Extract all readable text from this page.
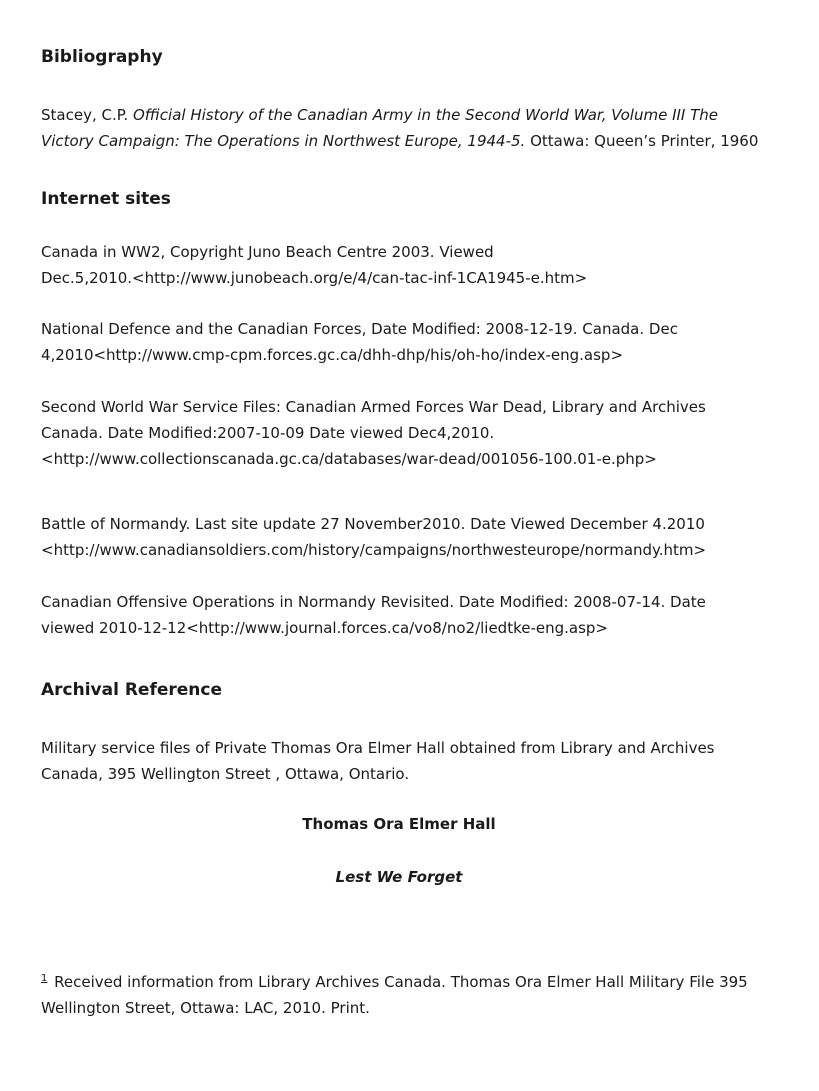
Bibliography

Stacey, C.P. Official History of the Canadian Army in the Second World War, Volume III The
Victory Campaign: The Operations in Northwest Europe, 1944-5. Ottawa: Queen’s Printer, 1960

Internet sites

Canada in WW2, Copyright Juno Beach Centre 2003. Viewed
Dec.5,2010.<http://www.junobeach.org/e/4/can-tac-inf-1CA1945-e.htm>

National Defence and the Canadian Forces, Date Modified: 2008-12-19. Canada. Dec
4,2010<http://www.cmp-cpm.forces.gc.ca/dhh-dhp/his/oh-ho/index-eng.asp>

Second World War Service Files: Canadian Armed Forces War Dead, Library and Archives
Canada. Date Modified:2007-10-09 Date viewed Dec4,2010.
<http://www.collectionscanada.gc.ca/databases/war-dead/001056-100.01-e.php>

Battle of Normandy. Last site update 27 November2010. Date Viewed December 4.2010
<http://www.canadiansoldiers.com/history/campaigns/northwesteurope/normandy.htm>

Canadian Offensive Operations in Normandy Revisited. Date Modified: 2008-07-14. Date
viewed 2010-12-12<http://www.journal.forces.ca/vo8/no2/liedtke-eng.asp>

Archival Reference

Military service files of Private Thomas Ora Elmer Hall obtained from Library and Archives
Canada, 395 Wellington Street , Ottawa, Ontario.

Thomas Ora Elmer Hall

Lest We Forget

$^1$ Received information from Library Archives Canada. Thomas Ora Elmer Hall Military File 395
Wellington Street, Ottawa: LAC, 2010. Print.
